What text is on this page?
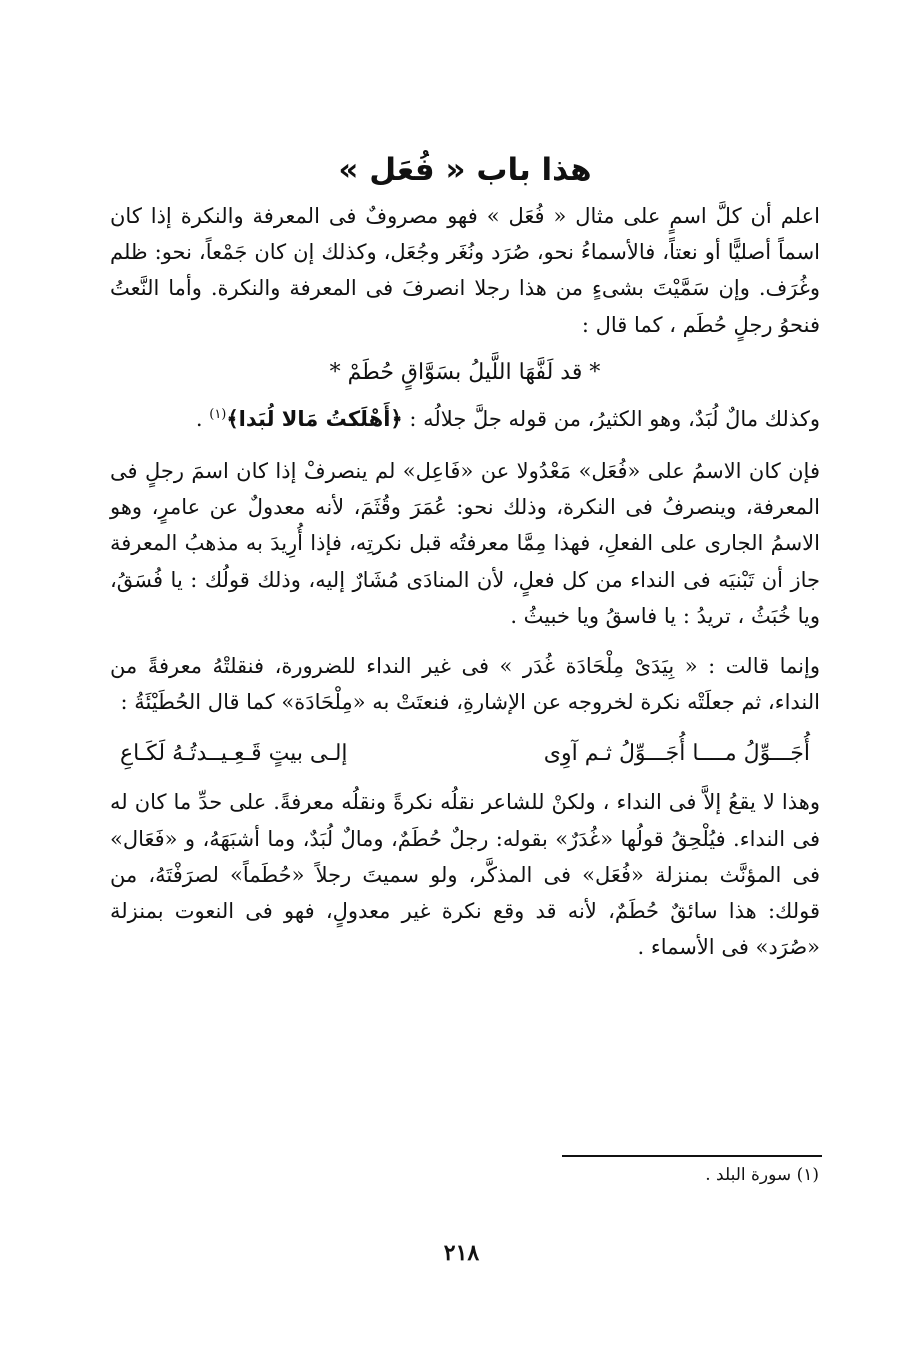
هذا باب « فُعَل »

اعلم أن كلَّ اسمٍ على مثال « فُعَل » فهو مصروفٌ فى المعرفة والنكرة إذا كان اسماً أصليًّا أو نعتاً، فالأسماءُ نحو، صُرَد ونُغَر وجُعَل، وكذلك إن كان جَمْعاً، نحو: ظلم وغُرَف. وإن سَمَّيْتَ بشىءٍ من هذا رجلا انصرفَ فى المعرفة والنكرة. وأما النَّعتُ فنحوُ رجلٍ حُطَم ، كما قال :

* قد لَفَّهَا اللَّيلُ بسَوَّاقٍ حُطَمْ *

وكذلك مالٌ لُبَدٌ، وهو الكثيرُ، من قوله جلَّ جلالُه : ﴿أَهْلَكتُ مَالا لُبَدا﴾$^{(١)}$ .

فإن كان الاسمُ على «فُعَل» مَعْدُولا عن «فَاعِل» لم ينصرفْ إذا كان اسمَ رجلٍ فى المعرفة، وينصرفُ فى النكرة، وذلك نحو: عُمَرَ وقُثَمَ، لأنه معدولٌ عن عامرٍ، وهو الاسمُ الجارى على الفعلِ، فهذا مِمَّا معرفتُه قبل نكرتِه، فإذا أُرِيدَ به مذهبُ المعرفة جاز أن تَبْنيَه فى النداء من كل فعلٍ، لأن المنادَى مُشَارٌ إليه، وذلك قولُك : يا فُسَقُ، ويا خُبَثُ ، تريدُ : يا فاسقُ ويا خبيثُ .

وإنما قالت : « بِيَدَىْ مِلْحَادَة غُدَر » فى غير النداء للضرورة، فنقلتْهُ معرفةً من النداء، ثم جعلَتْه نكرة لخروجه عن الإشارةِ، فنعتَتْ به «مِلْحَادَة» كما قال الحُطَيْئَةُ :

أُجَـــوِّلُ مــــا أُجَـــوِّلُ ثـم آوِى
إلـى بيتٍ قَـعِـيــدتُـهُ لَكَـاعِ

وهذا لا يقعُ إلاَّ فى النداء ، ولكنْ للشاعر نقلُه نكرةً ونقلُه معرفةً. على حدِّ ما كان له فى النداء. فيُلْحِقُ قولُها «غُدَرٌ» بقوله: رجلٌ حُطَمٌ، ومالٌ لُبَدٌ، وما أشبَهَهُ، و «فَعَال» فى المؤنَّث بمنزلة «فُعَل» فى المذكَّر، ولو سميتَ رجلاً «حُطَماً» لصرَفْتَهُ، من قولك: هذا سائقٌ حُطَمٌ، لأنه قد وقع نكرة غير معدولٍ، فهو فى النعوت بمنزلة «صُرَد» فى الأسماء .

(١) سورة البلد .
٢١٨
